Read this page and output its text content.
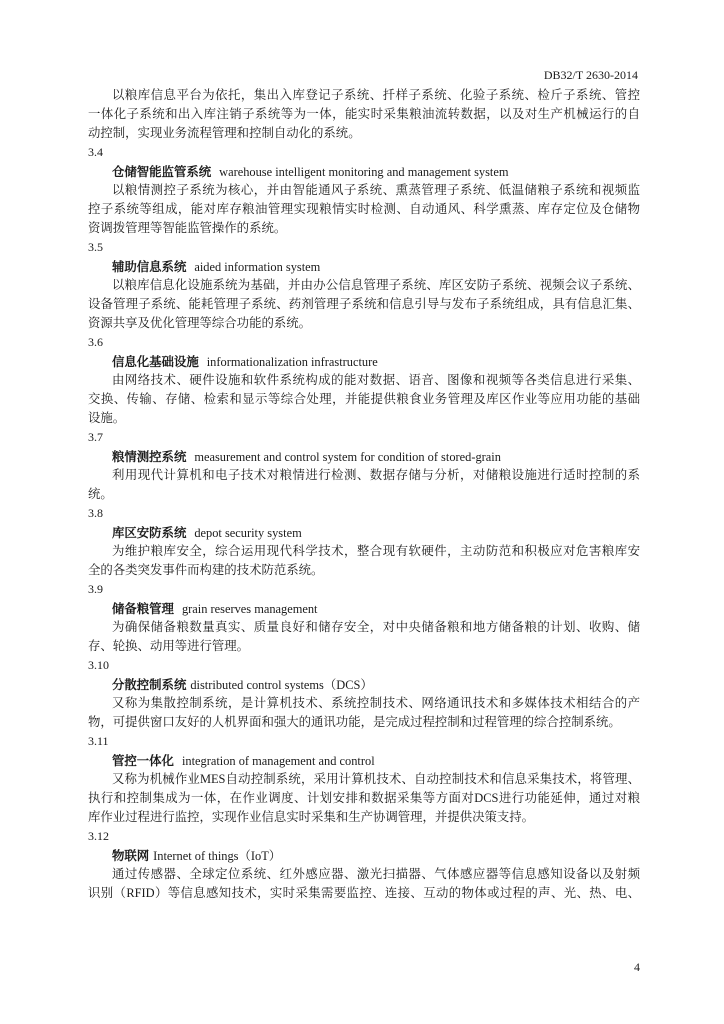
DB32/T 2630-2014
以粮库信息平台为依托，集出入库登记子系统、扦样子系统、化验子系统、检斤子系统、管控
一体化子系统和出入库注销子系统等为一体，能实时采集粮油流转数据，以及对生产机械运行的自
动控制，实现业务流程管理和控制自动化的系统。
3.4
仓储智能监管系统 warehouse intelligent monitoring and management system
以粮情测控子系统为核心，并由智能通风子系统、熏蒸管理子系统、低温储粮子系统和视频监
控子系统等组成，能对库存粮油管理实现粮情实时检测、自动通风、科学熏蒸、库存定位及仓储物
资调拨管理等智能监管操作的系统。
3.5
辅助信息系统 aided information system
以粮库信息化设施系统为基础，并由办公信息管理子系统、库区安防子系统、视频会议子系统、
设备管理子系统、能耗管理子系统、药剂管理子系统和信息引导与发布子系统组成，具有信息汇集、
资源共享及优化管理等综合功能的系统。
3.6
信息化基础设施 informationalization infrastructure
由网络技术、硬件设施和软件系统构成的能对数据、语音、图像和视频等各类信息进行采集、
交换、传输、存储、检索和显示等综合处理，并能提供粮食业务管理及库区作业等应用功能的基础
设施。
3.7
粮情测控系统 measurement and control system for condition of stored-grain
利用现代计算机和电子技术对粮情进行检测、数据存储与分析，对储粮设施进行适时控制的系
统。
3.8
库区安防系统 depot security system
为维护粮库安全，综合运用现代科学技术，整合现有软硬件，主动防范和积极应对危害粮库安
全的各类突发事件而构建的技术防范系统。
3.9
储备粮管理 grain reserves management
为确保储备粮数量真实、质量良好和储存安全，对中央储备粮和地方储备粮的计划、收购、储
存、轮换、动用等进行管理。
3.10
分散控制系统 distributed control systems（DCS）
又称为集散控制系统，是计算机技术、系统控制技术、网络通讯技术和多媒体技术相结合的产
物，可提供窗口友好的人机界面和强大的通讯功能，是完成过程控制和过程管理的综合控制系统。
3.11
管控一体化 integration of management and control
又称为机械作业MES自动控制系统，采用计算机技术、自动控制技术和信息采集技术，将管理、
执行和控制集成为一体，在作业调度、计划安排和数据采集等方面对DCS进行功能延伸，通过对粮
库作业过程进行监控，实现作业信息实时采集和生产协调管理，并提供决策支持。
3.12
物联网 Internet of things（IoT）
通过传感器、全球定位系统、红外感应器、激光扫描器、气体感应器等信息感知设备以及射频
识别（RFID）等信息感知技术，实时采集需要监控、连接、互动的物体或过程的声、光、热、电、
4
